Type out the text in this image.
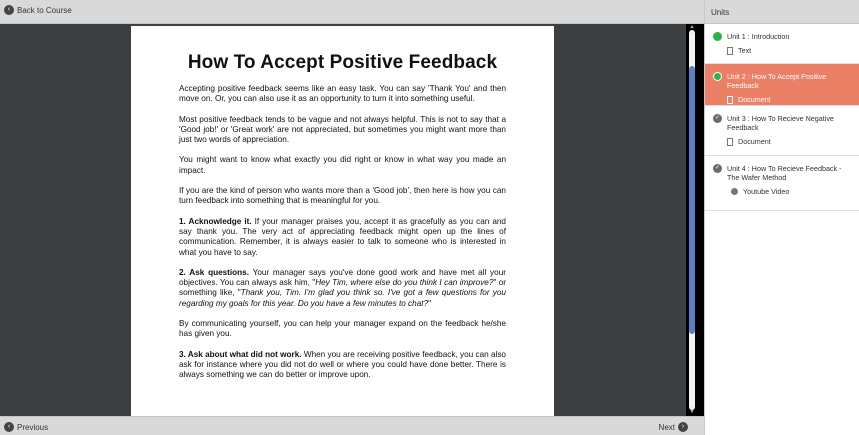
‹ Back to Course
How To Accept Positive Feedback

Accepting positive feedback seems like an easy task. You can say 'Thank You' and then move on. Or, you can also use it as an opportunity to turn it into something useful.

Most positive feedback tends to be vague and not always helpful. This is not to say that a 'Good job!' or 'Great work' are not appreciated, but sometimes you might want more than just two words of appreciation.

You might want to know what exactly you did right or know in what way you made an impact.

If you are the kind of person who wants more than a 'Good job', then here is how you can turn feedback into something that is meaningful for you.

1. Acknowledge it. If your manager praises you, accept it as gracefully as you can and say thank you. The very act of appreciating feedback might open up the lines of communication. Remember, it is always easier to talk to someone who is interested in what you have to say.

2. Ask questions. Your manager says you've done good work and have met all your objectives. You can always ask him, "Hey Tim, where else do you think I can improve?" or something like, "Thank you, Tim. I'm glad you think so. I've got a few questions for you regarding my goals for this year. Do you have a few minutes to chat?"

By communicating yourself, you can help your manager expand on the feedback he/she has given you.

3. Ask about what did not work. When you are receiving positive feedback, you can also ask for instance where you did not do well or where you could have done better. There is always something we can do better or improve upon.

▲
▼
‹ Previous	Next ›
Units
Unit 1 : Introduction
Text
Unit 2 : How To Accept Positive Feedback
Document
✓ Unit 3 : How To Recieve Negative Feedback
Document
✓ Unit 4 : How To Recieve Feedback - The Wafer Method
Youtube Video
